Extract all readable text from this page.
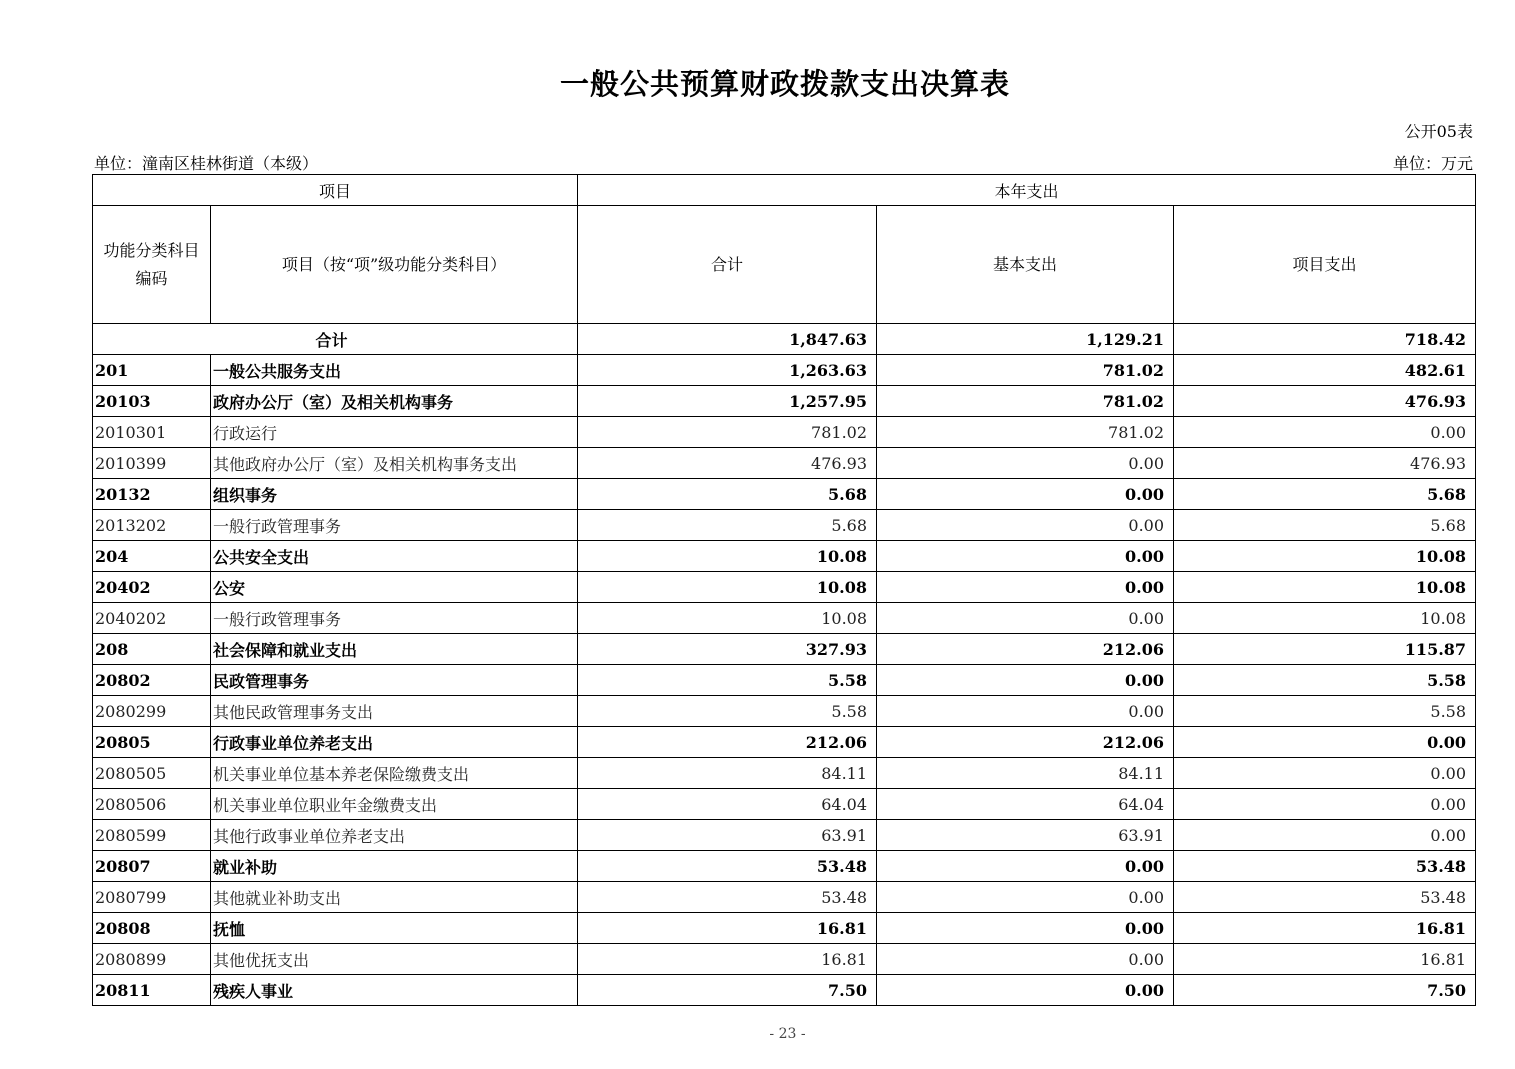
一般公共预算财政拨款支出决算表
公开05表
单位：潼南区桂林街道（本级）	单位：万元
项目		本年支出		
功能分类科目编码	项目（按“项”级功能分类科目）	合计	基本支出	项目支出
合计		1,847.63	1,129.21	718.42
201	一般公共服务支出	1,263.63	781.02	482.61
20103	政府办公厅（室）及相关机构事务	1,257.95	781.02	476.93
2010301	行政运行	781.02	781.02	0.00
2010399	其他政府办公厅（室）及相关机构事务支出	476.93	0.00	476.93
20132	组织事务	5.68	0.00	5.68
2013202	一般行政管理事务	5.68	0.00	5.68
204	公共安全支出	10.08	0.00	10.08
20402	公安	10.08	0.00	10.08
2040202	一般行政管理事务	10.08	0.00	10.08
208	社会保障和就业支出	327.93	212.06	115.87
20802	民政管理事务	5.58	0.00	5.58
2080299	其他民政管理事务支出	5.58	0.00	5.58
20805	行政事业单位养老支出	212.06	212.06	0.00
2080505	机关事业单位基本养老保险缴费支出	84.11	84.11	0.00
2080506	机关事业单位职业年金缴费支出	64.04	64.04	0.00
2080599	其他行政事业单位养老支出	63.91	63.91	0.00
20807	就业补助	53.48	0.00	53.48
2080799	其他就业补助支出	53.48	0.00	53.48
20808	抚恤	16.81	0.00	16.81
2080899	其他优抚支出	16.81	0.00	16.81
20811	残疾人事业	7.50	0.00	7.50
- 23 -
